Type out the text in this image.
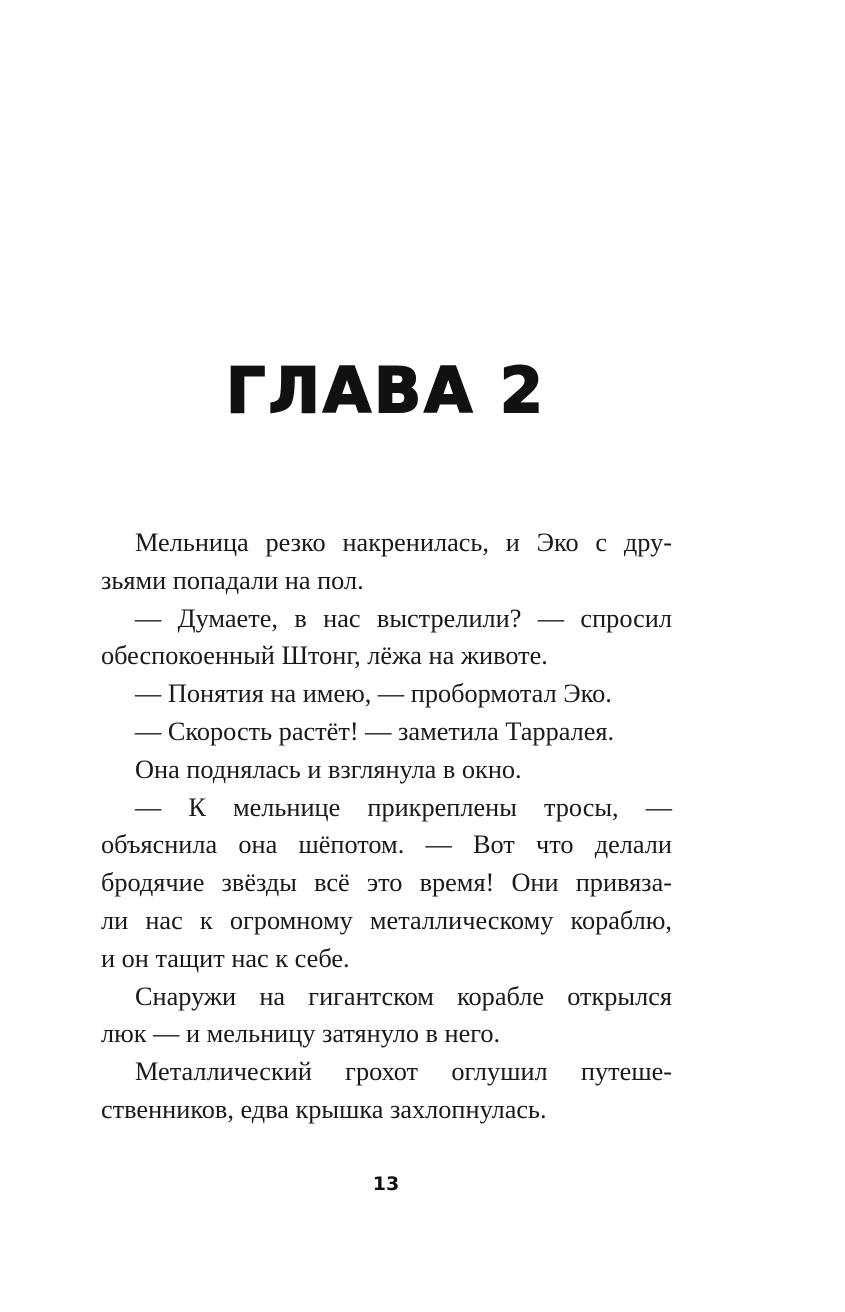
ГЛАВА 2
Мельница резко накренилась, и Эко с дру-
зьями попадали на пол.
— Думаете, в нас выстрелили? — спросил
обеспокоенный Штонг, лёжа на животе.
— Понятия на имею, — пробормотал Эко.
— Скорость растёт! — заметила Тарралея.
Она поднялась и взглянула в окно.
— К мельнице прикреплены тросы, —
объяснила она шёпотом. — Вот что делали
бродячие звёзды всё это время! Они привяза-
ли нас к огромному металлическому кораблю,
и он тащит нас к себе.
Снаружи на гигантском корабле открылся
люк — и мельницу затянуло в него.
Металлический грохот оглушил путеше-
ственников, едва крышка захлопнулась.
13
